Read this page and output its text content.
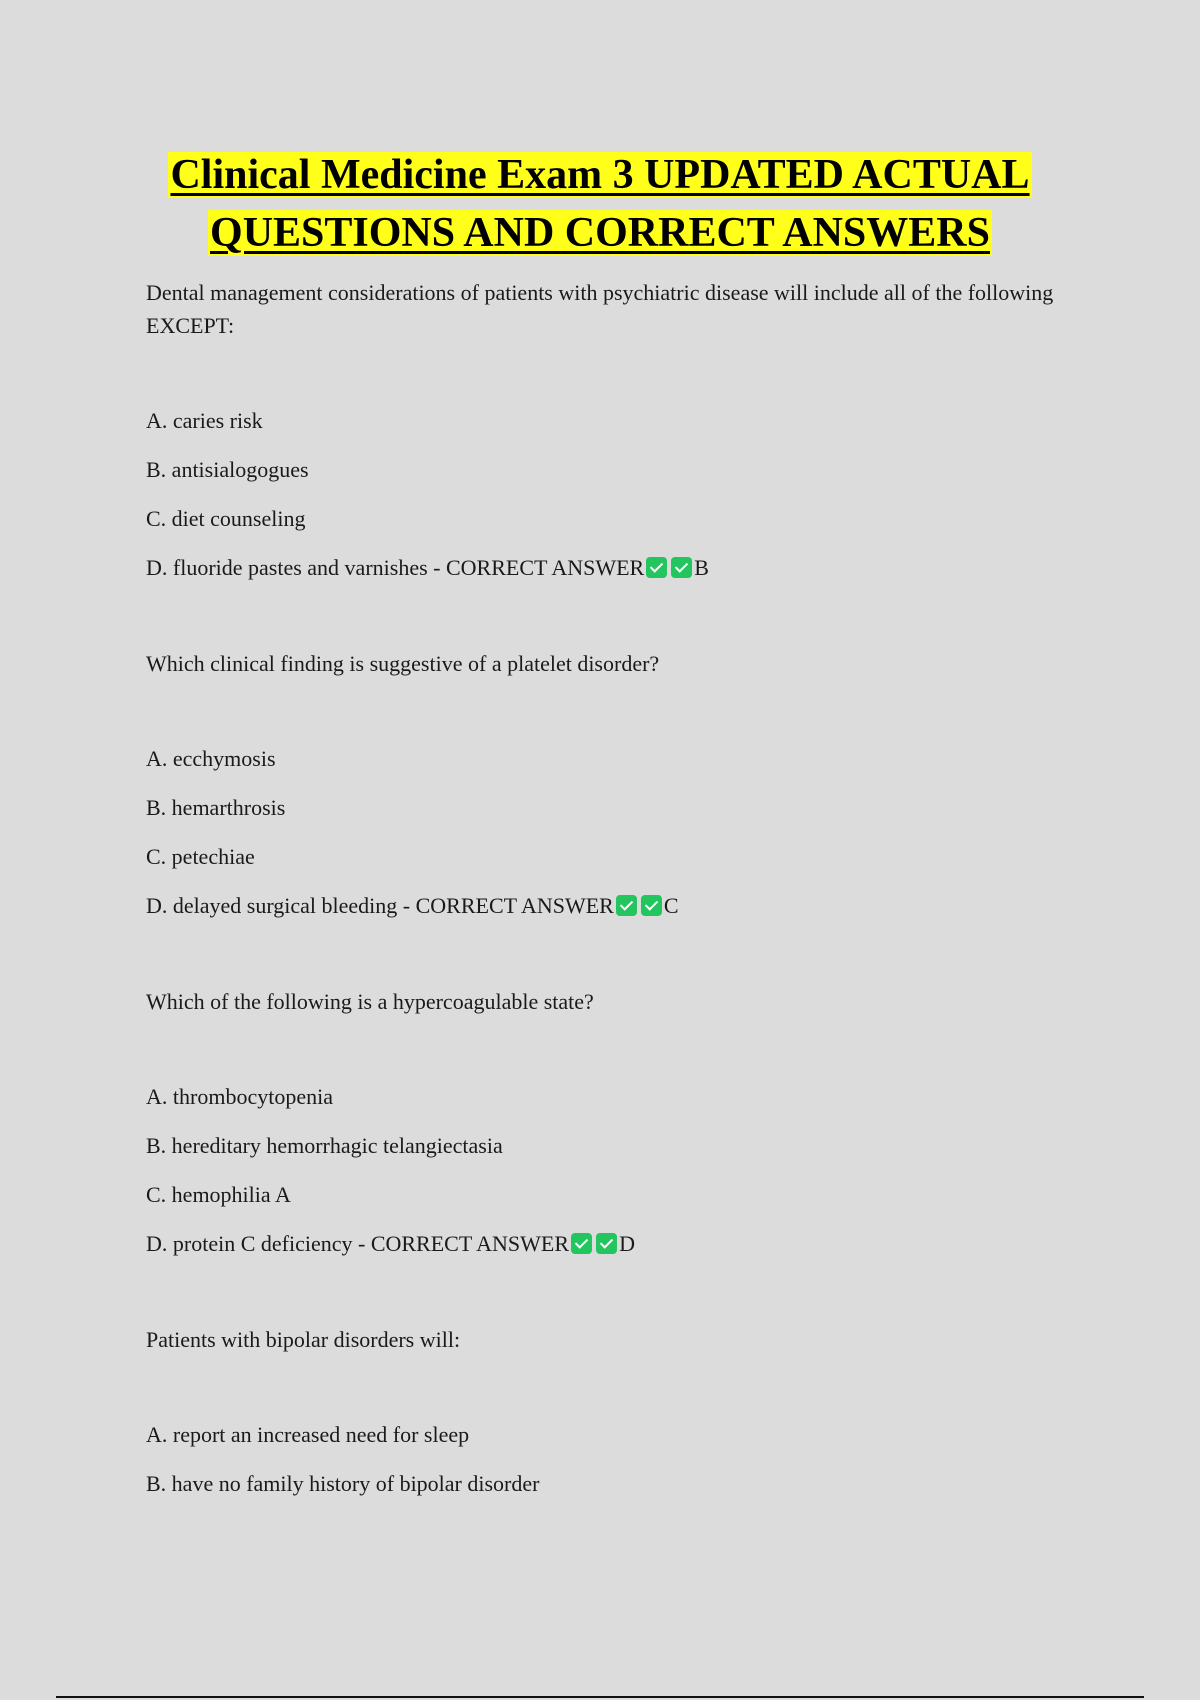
Clinical Medicine Exam 3 UPDATED ACTUAL
QUESTIONS AND CORRECT ANSWERS

Dental management considerations of patients with psychiatric disease will include all of the following EXCEPT:

A. caries risk

B. antisialogogues

C. diet counseling

D. fluoride pastes and varnishes - CORRECT ANSWER B

Which clinical finding is suggestive of a platelet disorder?

A. ecchymosis

B. hemarthrosis

C. petechiae

D. delayed surgical bleeding - CORRECT ANSWER C

Which of the following is a hypercoagulable state?

A. thrombocytopenia

B. hereditary hemorrhagic telangiectasia

C. hemophilia A

D. protein C deficiency - CORRECT ANSWER D

Patients with bipolar disorders will:

A. report an increased need for sleep

B. have no family history of bipolar disorder
